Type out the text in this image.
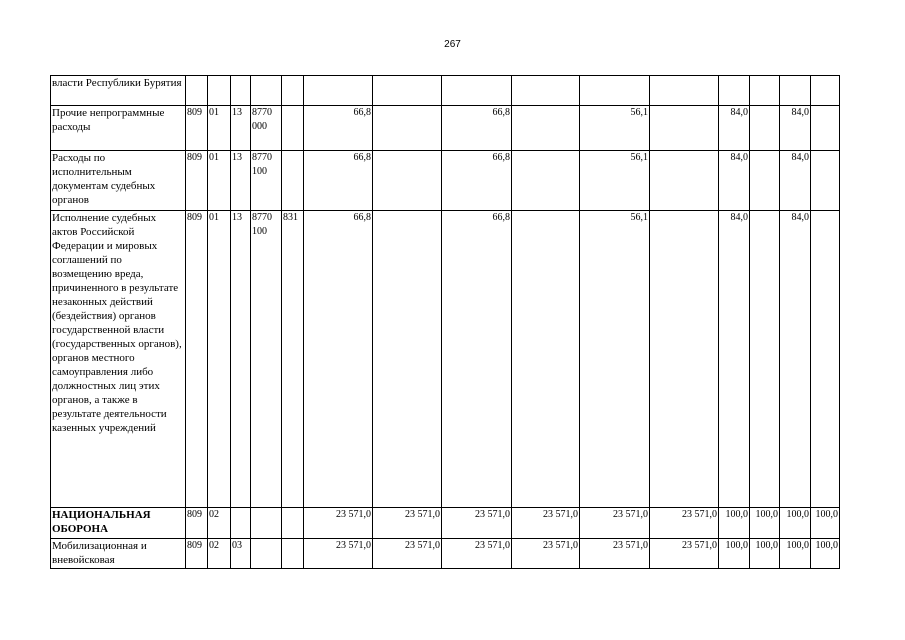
267
власти Республики Бурятия															
Прочие непрограммные расходы	809	01	13	8770 000		66,8		66,8		56,1		84,0		84,0	
Расходы по исполнительным документам судебных органов	809	01	13	8770 100		66,8		66,8		56,1		84,0		84,0	
Исполнение судебных актов Российской Федерации и мировых соглашений по возмещению вреда, причиненного в результате незаконных действий (бездействия) органов государственной власти (государственных органов), органов местного самоуправления либо должностных лиц этих органов, а также в результате деятельности казенных учреждений	809	01	13	8770 100	831	66,8		66,8		56,1		84,0		84,0	
НАЦИОНАЛЬНАЯ ОБОРОНА	809	02				23 571,0	23 571,0	23 571,0	23 571,0	23 571,0	23 571,0	100,0	100,0	100,0	100,0
Мобилизационная и вневойсковая	809	02	03			23 571,0	23 571,0	23 571,0	23 571,0	23 571,0	23 571,0	100,0	100,0	100,0	100,0
